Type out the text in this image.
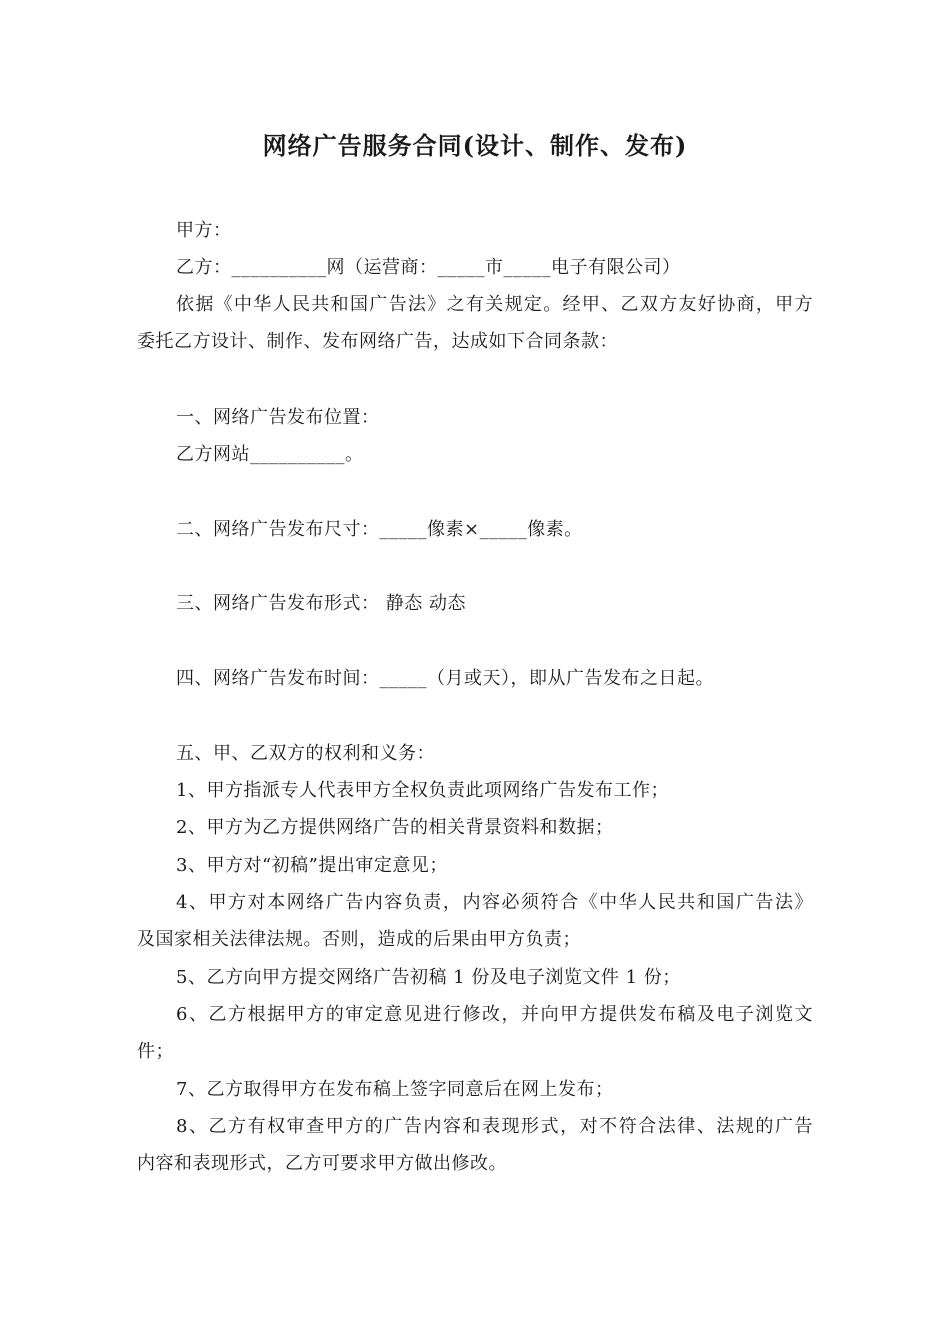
网络广告服务合同(设计、制作、发布)
甲方：
乙方：__________网（运营商：_____市_____电子有限公司）
依据《中华人民共和国广告法》之有关规定。经甲、乙双方友好协商，甲方
委托乙方设计、制作、发布网络广告，达成如下合同条款：
一、网络广告发布位置：
乙方网站__________。
二、网络广告发布尺寸：_____像素×_____像素。
三、网络广告发布形式： 静态 动态
四、网络广告发布时间：_____（月或天），即从广告发布之日起。
五、甲、乙双方的权利和义务：
1、甲方指派专人代表甲方全权负责此项网络广告发布工作；
2、甲方为乙方提供网络广告的相关背景资料和数据；
3、甲方对“初稿”提出审定意见；
4、甲方对本网络广告内容负责，内容必须符合《中华人民共和国广告法》
及国家相关法律法规。否则，造成的后果由甲方负责；
5、乙方向甲方提交网络广告初稿 1 份及电子浏览文件 1 份；
6、乙方根据甲方的审定意见进行修改，并向甲方提供发布稿及电子浏览文
件；
7、乙方取得甲方在发布稿上签字同意后在网上发布；
8、乙方有权审查甲方的广告内容和表现形式，对不符合法律、法规的广告
内容和表现形式，乙方可要求甲方做出修改。
